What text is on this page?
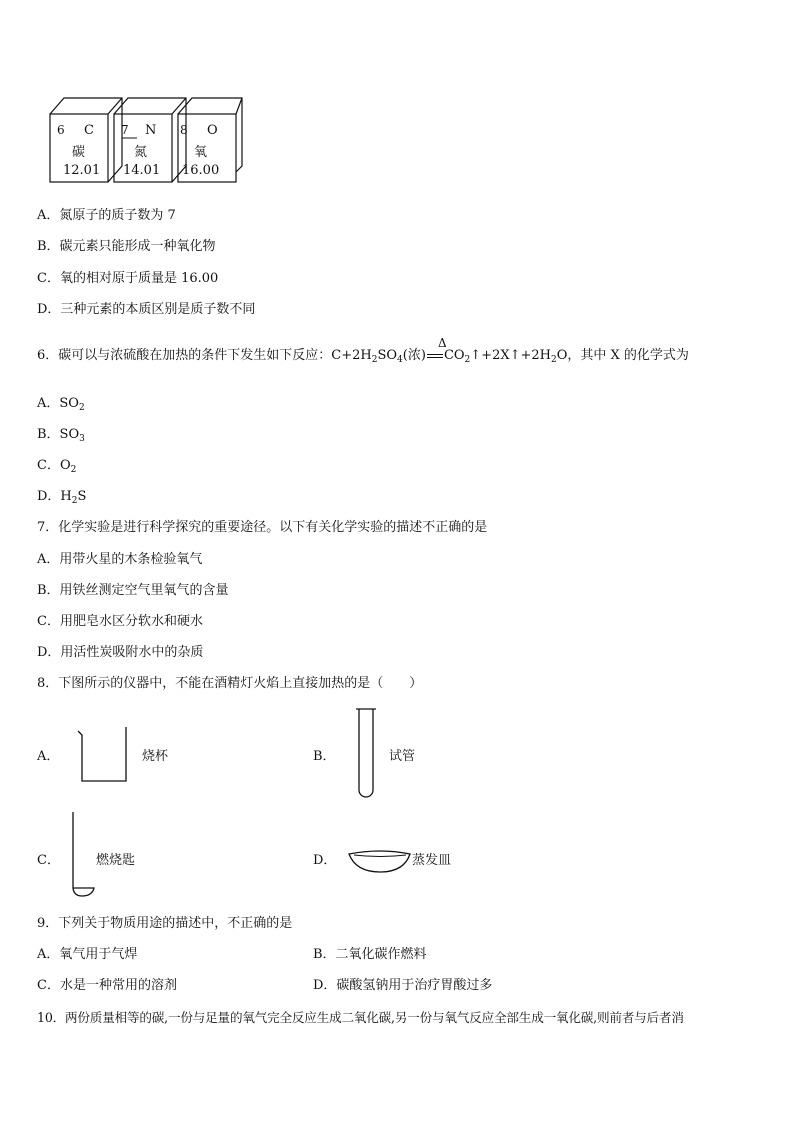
6 C
碳
12.01
7 N
氮
14.01
8 O
氧
16.00
A．氮原子的质子数为 7
B．碳元素只能形成一种氧化物
C．氧的相对原于质量是 16.00
D．三种元素的本质区别是质子数不同
6．碳可以与浓硫酸在加热的条件下发生如下反应：$C+2H_2SO_4$(浓) $CO_2↑+2X↑+2H_2O$，其中 X 的化学式为
Δ
A．$SO_2$
B．$SO_3$
C．$O_2$
D．$H_2S$
7．化学实验是进行科学探究的重要途径。以下有关化学实验的描述不正确的是
A．用带火星的木条检验氧气
B．用铁丝测定空气里氧气的含量
C．用肥皂水区分软水和硬水
D．用活性炭吸附水中的杂质
8．下图所示的仪器中，不能在酒精灯火焰上直接加热的是（　　）
A．	烧杯	B．	试管
C．	燃烧匙	D．	蒸发皿
9．下列关于物质用途的描述中，不正确的是
A．氧气用于气焊	B．二氧化碳作燃料
C．水是一种常用的溶剂	D．碳酸氢钠用于治疗胃酸过多
10．两份质量相等的碳,一份与足量的氧气完全反应生成二氧化碳,另一份与氧气反应全部生成一氧化碳,则前者与后者消
